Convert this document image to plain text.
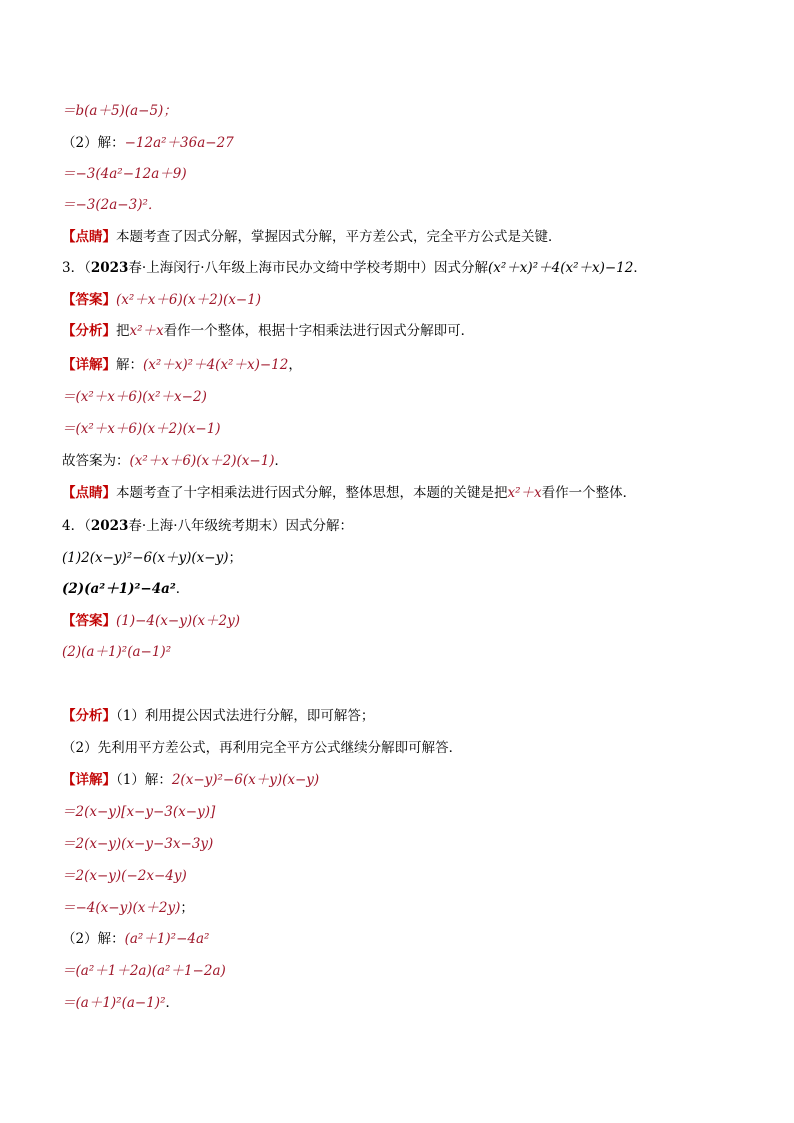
＝b(a＋5)(a−5)；
（2）解：−12a²＋36a−27
＝−3(4a²−12a＋9)
＝−3(2a−3)²．
【点睛】本题考查了因式分解，掌握因式分解，平方差公式，完全平方公式是关键．
3．（2023春·上海闵行·八年级上海市民办文绮中学校考期中）因式分解(x²＋x)²＋4(x²＋x)−12．
【答案】(x²＋x＋6)(x＋2)(x−1)
【分析】把x²＋x看作一个整体，根据十字相乘法进行因式分解即可．
【详解】解：(x²＋x)²＋4(x²＋x)−12，
＝(x²＋x＋6)(x²＋x−2)
＝(x²＋x＋6)(x＋2)(x−1)
故答案为：(x²＋x＋6)(x＋2)(x−1)．
【点睛】本题考查了十字相乘法进行因式分解，整体思想，本题的关键是把x²＋x看作一个整体．
4．（2023春·上海·八年级统考期末）因式分解：
(1)2(x−y)²−6(x＋y)(x−y)；
(2)(a²＋1)²−4a²．
【答案】(1)−4(x−y)(x＋2y)
(2)(a＋1)²(a−1)²
【分析】（1）利用提公因式法进行分解，即可解答；
（2）先利用平方差公式，再利用完全平方公式继续分解即可解答．
【详解】（1）解：2(x−y)²−6(x＋y)(x−y)
＝2(x−y)[x−y−3(x−y)]
＝2(x−y)(x−y−3x−3y)
＝2(x−y)(−2x−4y)
＝−4(x−y)(x＋2y)；
（2）解：(a²＋1)²−4a²
＝(a²＋1＋2a)(a²＋1−2a)
＝(a＋1)²(a−1)²．
